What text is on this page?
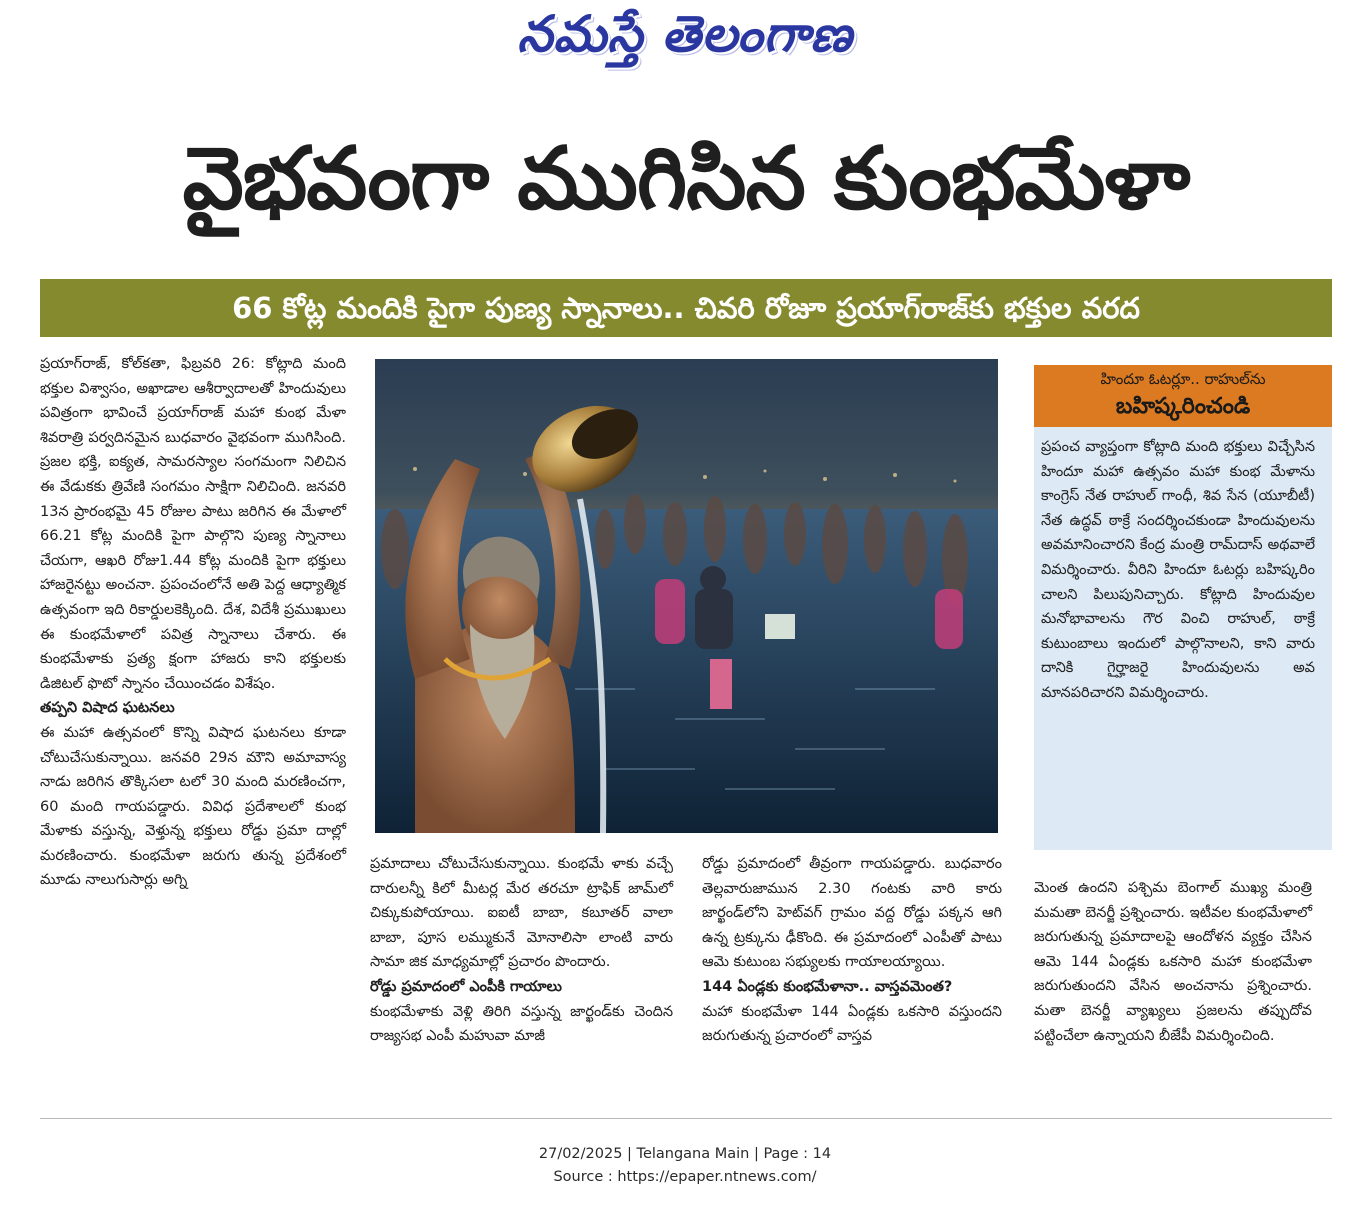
నమస్తే తెలంగాణ
వైభవంగా ముగిసిన కుంభమేళా
66 కోట్ల మందికి పైగా పుణ్య స్నానాలు.. చివరి రోజూ ప్రయాగ్‌రాజ్‌కు భక్తుల వరద

ప్రయాగ్‌రాజ్, కోల్‌కతా, ఫిబ్రవరి 26: కోట్లాది మంది భక్తుల విశ్వాసం, అఖాడాల ఆశీర్వాదాలతో హిందువులు పవిత్రంగా భావించే ప్రయాగ్‌రాజ్ మహా కుంభ మేళా శివరాత్రి పర్వదినమైన బుధవారం వైభవంగా ముగిసింది. ప్రజల భక్తి, ఐక్యత, సామరస్యాల సంగమంగా నిలిచిన ఈ వేడుకకు త్రివేణి సంగమం సాక్షిగా నిలిచింది. జనవరి 13న ప్రారంభమై 45 రోజుల పాటు జరిగిన ఈ మేళాలో 66.21 కోట్ల మందికి పైగా పాల్గొని పుణ్య స్నానాలు చేయగా, ఆఖరి రోజు1.44 కోట్ల మందికి పైగా భక్తులు హాజరైనట్టు అంచనా. ప్రపంచంలోనే అతి పెద్ద ఆధ్యాత్మిక ఉత్సవంగా ఇది రికార్డులకెక్కింది. దేశ, విదేశీ ప్రముఖులు ఈ కుంభమేళాలో పవిత్ర స్నానాలు చేశారు. ఈ కుంభమేళాకు ప్రత్య క్షంగా హాజరు కాని భక్తులకు డిజిటల్ ఫొటో స్నానం చేయించడం విశేషం.

తప్పని విషాద ఘటనలు

ఈ మహా ఉత్సవంలో కొన్ని విషాద ఘటనలు కూడా చోటుచేసుకున్నాయి. జనవరి 29న మౌని అమావాస్య నాడు జరిగిన తొక్కిసలా టలో 30 మంది మరణించగా, 60 మంది గాయపడ్డారు. వివిధ ప్రదేశాలలో కుంభ మేళాకు వస్తున్న, వెళ్తున్న భక్తులు రోడ్డు ప్రమా దాల్లో మరణించారు. కుంభమేళా జరుగు తున్న ప్రదేశంలో మూడు నాలుగుసార్లు అగ్ని

ప్రమాదాలు చోటుచేసుకున్నాయి. కుంభమే ళాకు వచ్చే దారులన్నీ కిలో మీటర్ల మేర తరచూ ట్రాఫిక్ జామ్‌లో చిక్కుకుపోయాయి. ఐఐటీ బాబా, కబూతర్ వాలా బాబా, పూస లమ్ముకునే మోనాలిసా లాంటి వారు సామా జిక మాధ్యమాల్లో ప్రచారం పొందారు.

రోడ్డు ప్రమాదంలో ఎంపీకి గాయాలు

కుంభమేళాకు వెళ్లి తిరిగి వస్తున్న జార్ఖండ్‌కు చెందిన రాజ్యసభ ఎంపీ మహువా మాజీ

రోడ్డు ప్రమాదంలో తీవ్రంగా గాయపడ్డారు. బుధవారం తెల్లవారుజామున 2.30 గంటకు వారి కారు జార్ఖండ్‌లోని హెట్‌వగ్ గ్రామం వద్ద రోడ్డు పక్కన ఆగి ఉన్న ట్రక్కును ఢీకొంది. ఈ ప్రమాదంలో ఎంపీతో పాటు ఆమె కుటుంబ సభ్యులకు గాయాలయ్యాయి.

144 ఏండ్లకు కుంభమేళానా.. వాస్తవమెంత?

మహా కుంభమేళా 144 ఏండ్లకు ఒకసారి వస్తుందని జరుగుతున్న ప్రచారంలో వాస్తవ

హిందూ ఓటర్లూ.. రాహుల్‌ను
బహిష్కరించండి
ప్రపంచ వ్యాప్తంగా కోట్లాది మంది భక్తులు విచ్చేసిన హిందూ మహా ఉత్సవం మహా కుంభ మేళాను కాంగ్రెస్ నేత రాహుల్ గాంధీ, శివ సేన (యూబీటీ) నేత ఉద్ధవ్ ఠాక్రే సందర్శించకుండా హిందువులను అవమానించారని కేంద్ర మంత్రి రామ్‌దాస్ అథవాలే విమర్శించారు. వీరిని హిందూ ఓటర్లు బహిష్కరిం చాలని పిలుపునిచ్చారు. కోట్లాది హిందువుల మనోభావాలను గౌర వించి రాహుల్, ఠాక్రే కుటుంబాలు ఇందులో పాల్గొనాలని, కాని వారు దానికి గైర్హాజరై హిందువులను అవ మానపరిచారని విమర్శించారు.

మెంత ఉందని పశ్చిమ బెంగాల్ ముఖ్య మంత్రి మమతా బెనర్జీ ప్రశ్నించారు. ఇటీవల కుంభమేళాలో జరుగుతున్న ప్రమాదాలపై ఆందోళన వ్యక్తం చేసిన ఆమె 144 ఏండ్లకు ఒకసారి మహా కుంభమేళా జరుగుతుందని వేసిన అంచనాను ప్రశ్నించారు. మతా బెనర్జీ వ్యాఖ్యలు ప్రజలను తప్పుదోవ పట్టించేలా ఉన్నాయని బీజేపీ విమర్శించింది.

27/02/2025 | Telangana Main | Page : 14
Source : https://epaper.ntnews.com/
